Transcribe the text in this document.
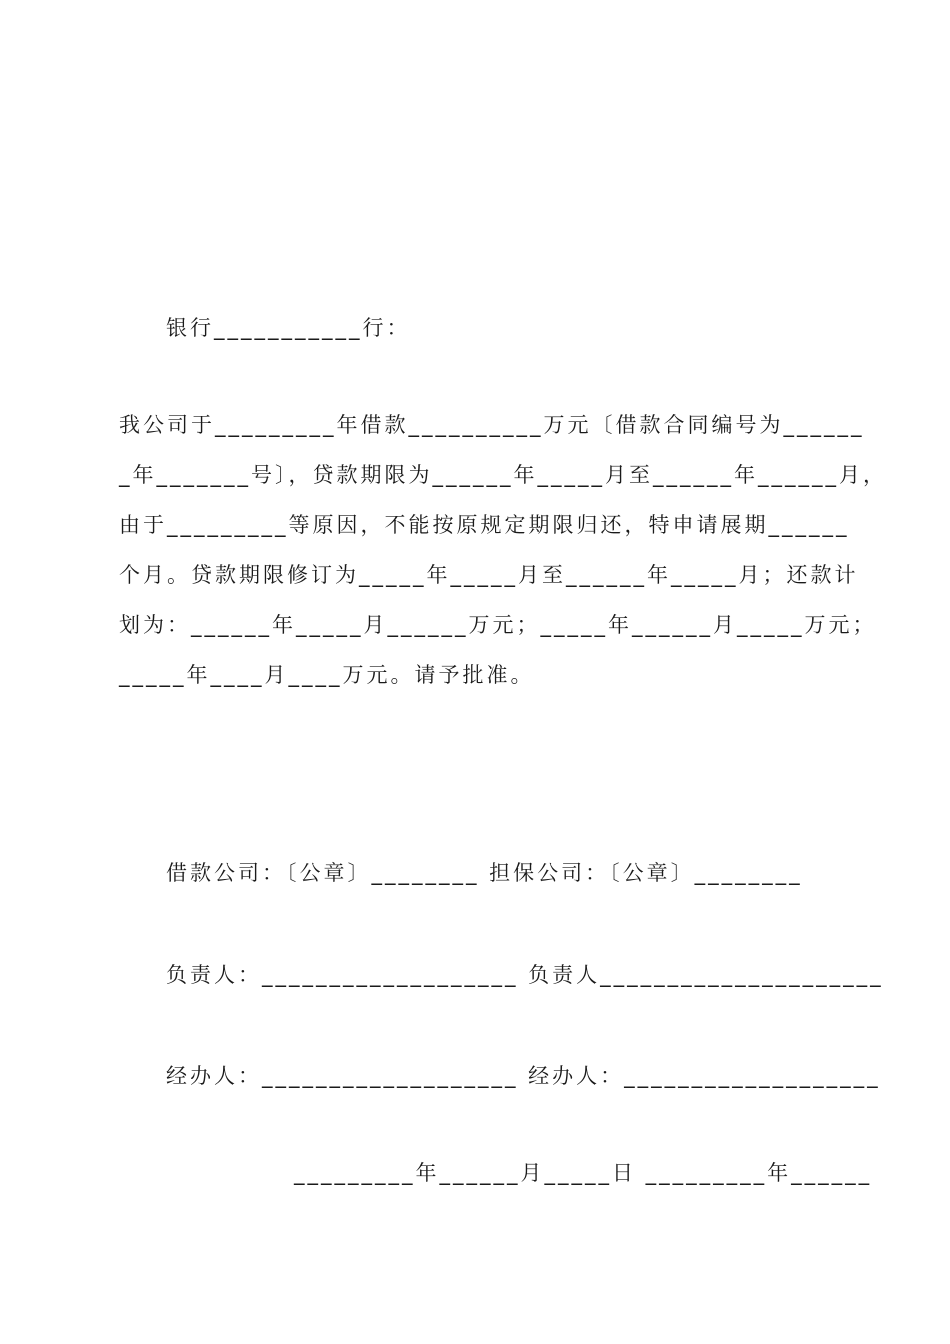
银行___________行：

我公司于_________年借款__________万元〔借款合同编号为______

_年_______号〕，贷款期限为______年_____月至______年______月，

由于_________等原因，不能按原规定期限归还，特申请展期______

个月。贷款期限修订为_____年_____月至______年_____月；还款计

划为：______年_____月______万元；_____年______月_____万元；

_____年____月____万元。请予批准。

借款公司：〔公章〕________ 担保公司：〔公章〕________

负责人：___________________ 负责人_____________________

经办人：___________________ 经办人：___________________

_________年______月_____日 _________年______
